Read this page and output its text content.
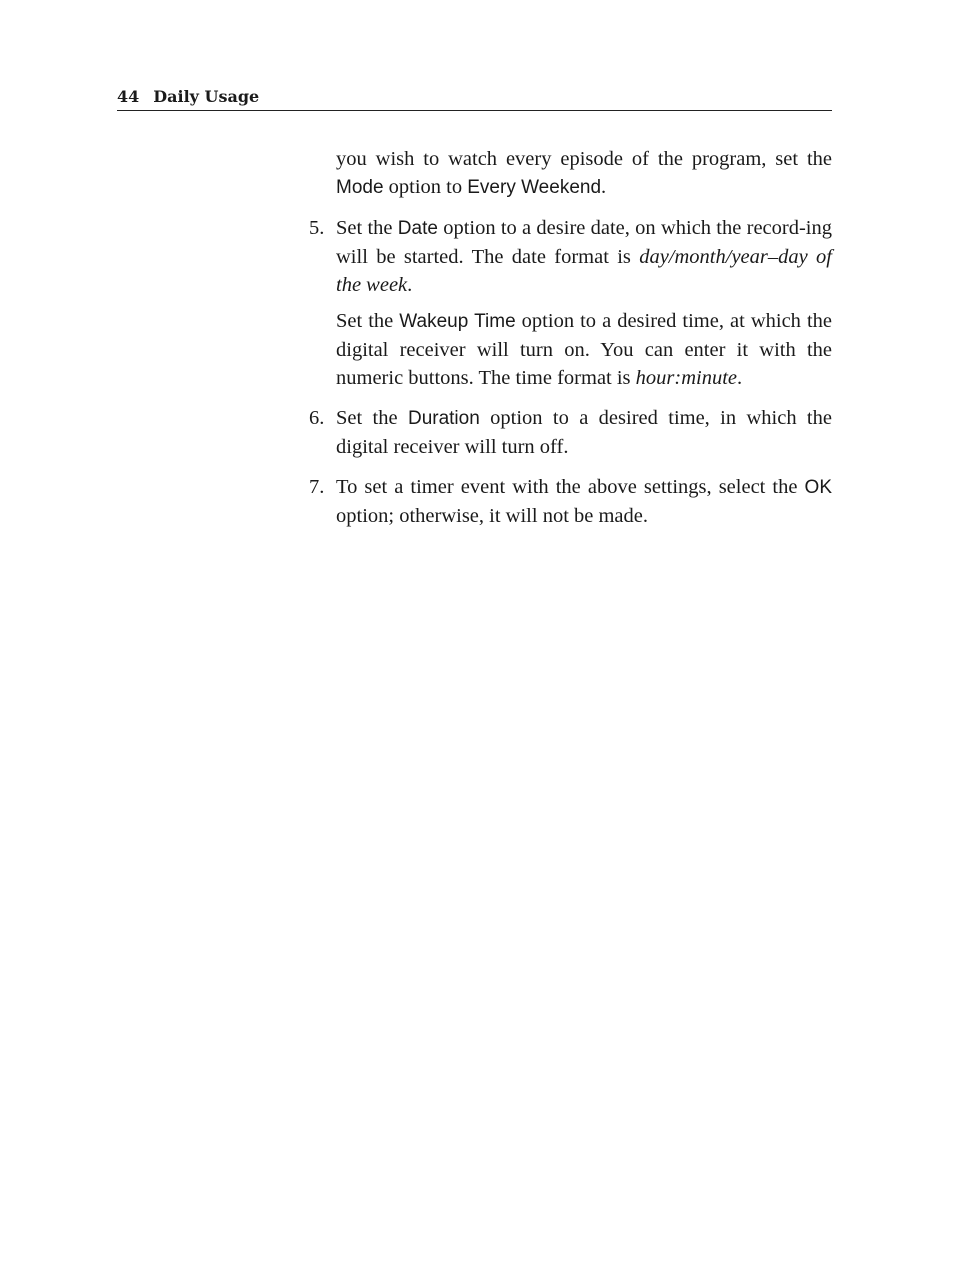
44 Daily Usage

you wish to watch every episode of the program, set the Mode option to Every Weekend.

5. Set the Date option to a desire date, on which the record-ing will be started. The date format is day/month/year–day of the week.

Set the Wakeup Time option to a desired time, at which the digital receiver will turn on. You can enter it with the numeric buttons. The time format is hour:minute.

6. Set the Duration option to a desired time, in which the digital receiver will turn off.

7. To set a timer event with the above settings, select the OK option; otherwise, it will not be made.
